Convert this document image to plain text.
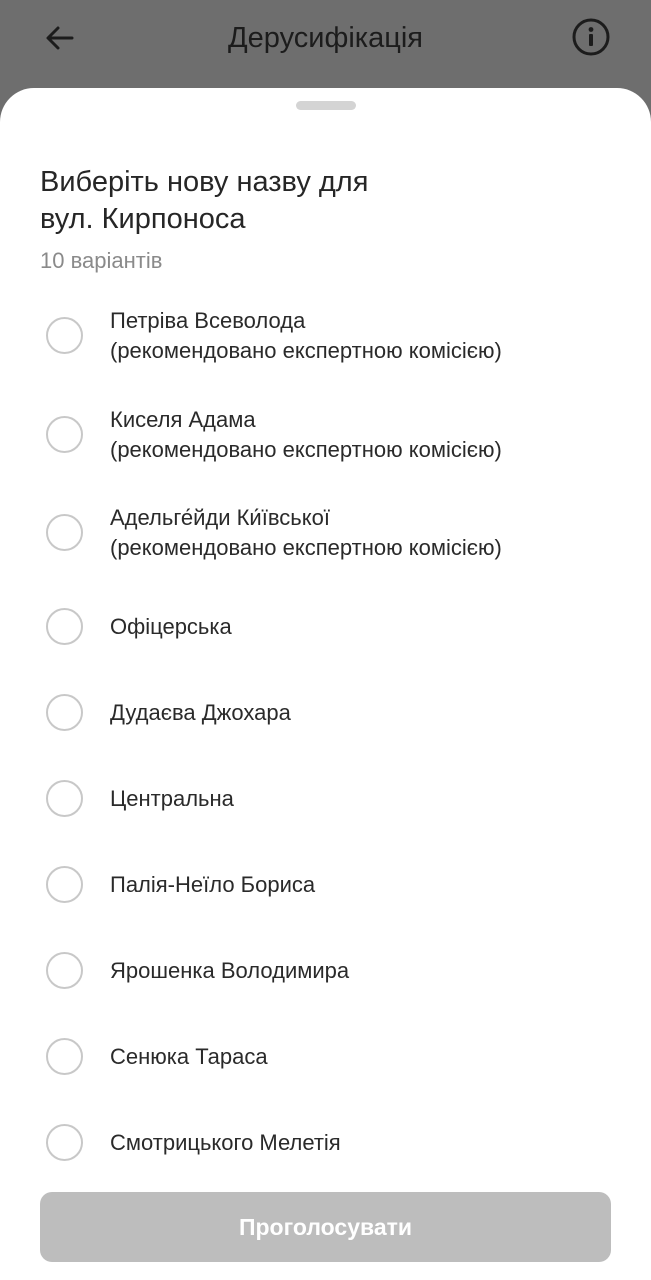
Дерусифікація
Виберіть нову назву для
вул. Кирпоноса
10 варіантів
Петріва Всеволода
(рекомендовано експертною комісією)
Киселя Адама
(рекомендовано експертною комісією)
Адельге́йди Ки́ївської
(рекомендовано експертною комісією)
Офіцерська
Дудаєва Джохара
Центральна
Палія-Неїло Бориса
Ярошенка Володимира
Сенюка Тараса
Смотрицького Мелетія
Проголосувати
